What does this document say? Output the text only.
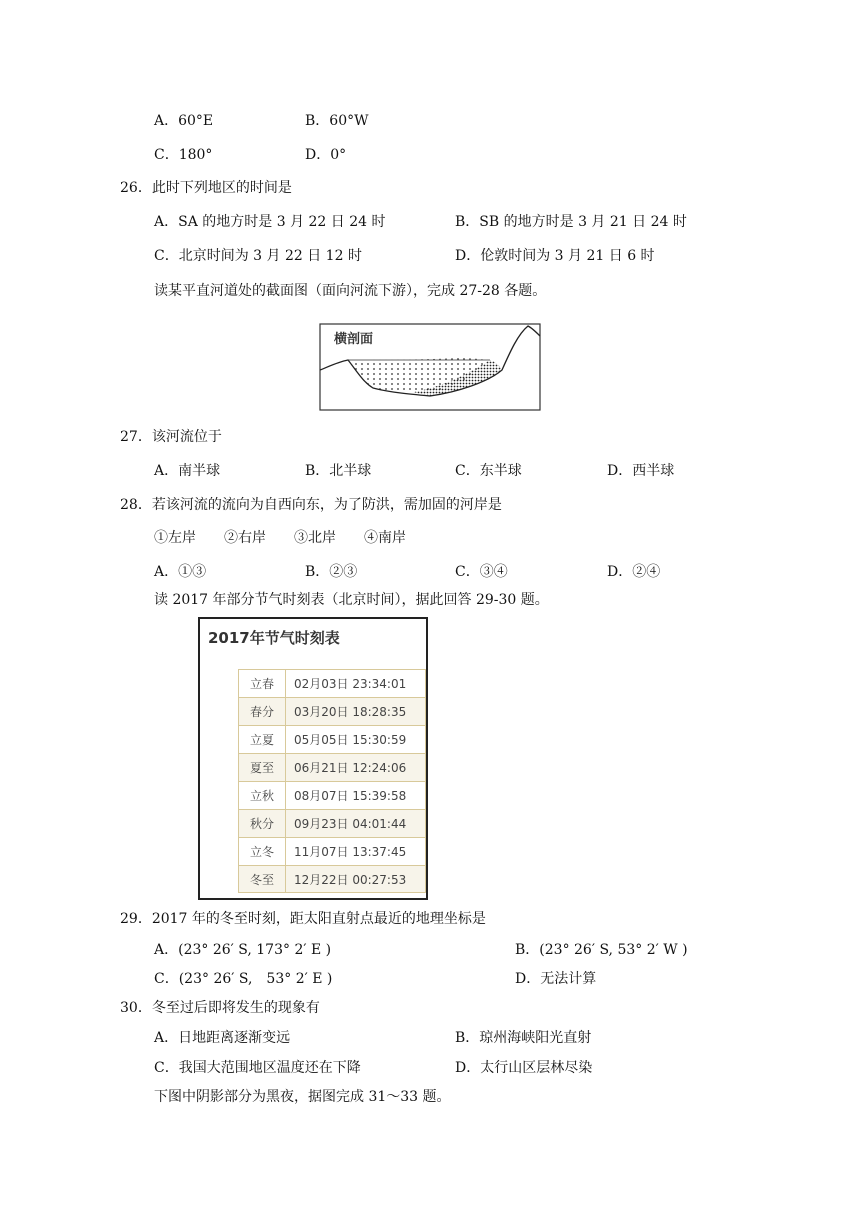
A．60°E	B．60°W
C．180°	D．0°
26．此时下列地区的时间是
A．SA 的地方时是 3 月 22 日 24 时	B．SB 的地方时是 3 月 21 日 24 时
C．北京时间为 3 月 22 日 12 时	D．伦敦时间为 3 月 21 日 6 时
读某平直河道处的截面图（面向河流下游），完成 27-28 各题。
横剖面
27．该河流位于
A．南半球	B．北半球	C．东半球	D．西半球
28．若该河流的流向为自西向东，为了防洪，需加固的河岸是
①左岸　　②右岸　　③北岸　　④南岸
A．①③	B．②③	C．③④	D．②④
读 2017 年部分节气时刻表（北京时间），据此回答 29-30 题。
2017年节气时刻表
立春	02月03日 23:34:01
春分	03月20日 18:28:35
立夏	05月05日 15:30:59
夏至	06月21日 12:24:06
立秋	08月07日 15:39:58
秋分	09月23日 04:01:44
立冬	11月07日 13:37:45
冬至	12月22日 00:27:53
29．2017 年的冬至时刻，距太阳直射点最近的地理坐标是
A．(23° 26′ S, 173° 2′ E )	B．(23° 26′ S, 53° 2′ W )
C．(23° 26′ S,　53° 2′ E )	D．无法计算
30．冬至过后即将发生的现象有
A．日地距离逐渐变远	B．琼州海峡阳光直射
C．我国大范围地区温度还在下降	D．太行山区层林尽染
下图中阴影部分为黑夜，据图完成 31～33 题。
